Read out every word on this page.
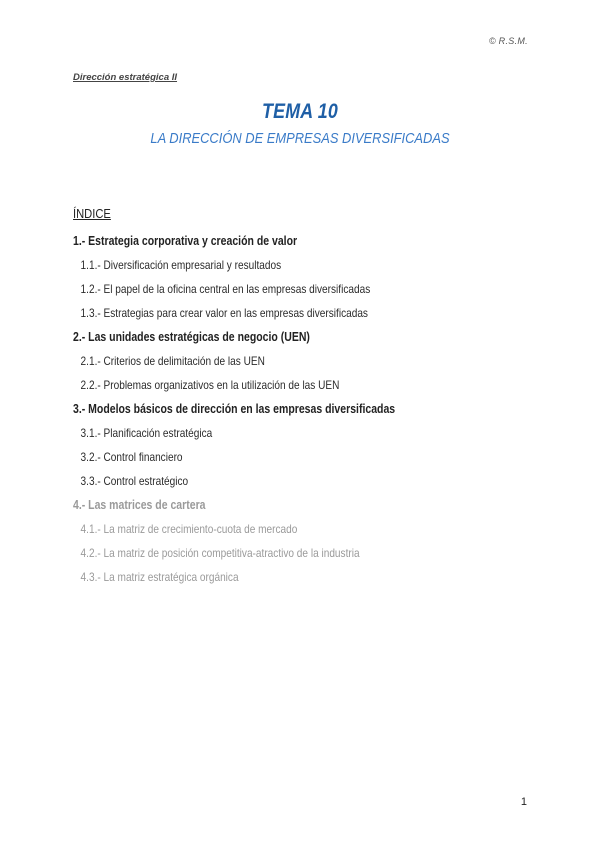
© R.S.M.
Dirección estratégica II
TEMA 10
LA DIRECCIÓN DE EMPRESAS DIVERSIFICADAS
ÍNDICE
1.- Estrategia corporativa y creación de valor
1.1.- Diversificación empresarial y resultados
1.2.- El papel de la oficina central en las empresas diversificadas
1.3.- Estrategias para crear valor en las empresas diversificadas
2.- Las unidades estratégicas de negocio (UEN)
2.1.- Criterios de delimitación de las UEN
2.2.- Problemas organizativos en la utilización de las UEN
3.- Modelos básicos de dirección en las empresas diversificadas
3.1.- Planificación estratégica
3.2.- Control financiero
3.3.- Control estratégico
4.- Las matrices de cartera
4.1.- La matriz de crecimiento-cuota de mercado
4.2.- La matriz de posición competitiva-atractivo de la industria
4.3.- La matriz estratégica orgánica
1
